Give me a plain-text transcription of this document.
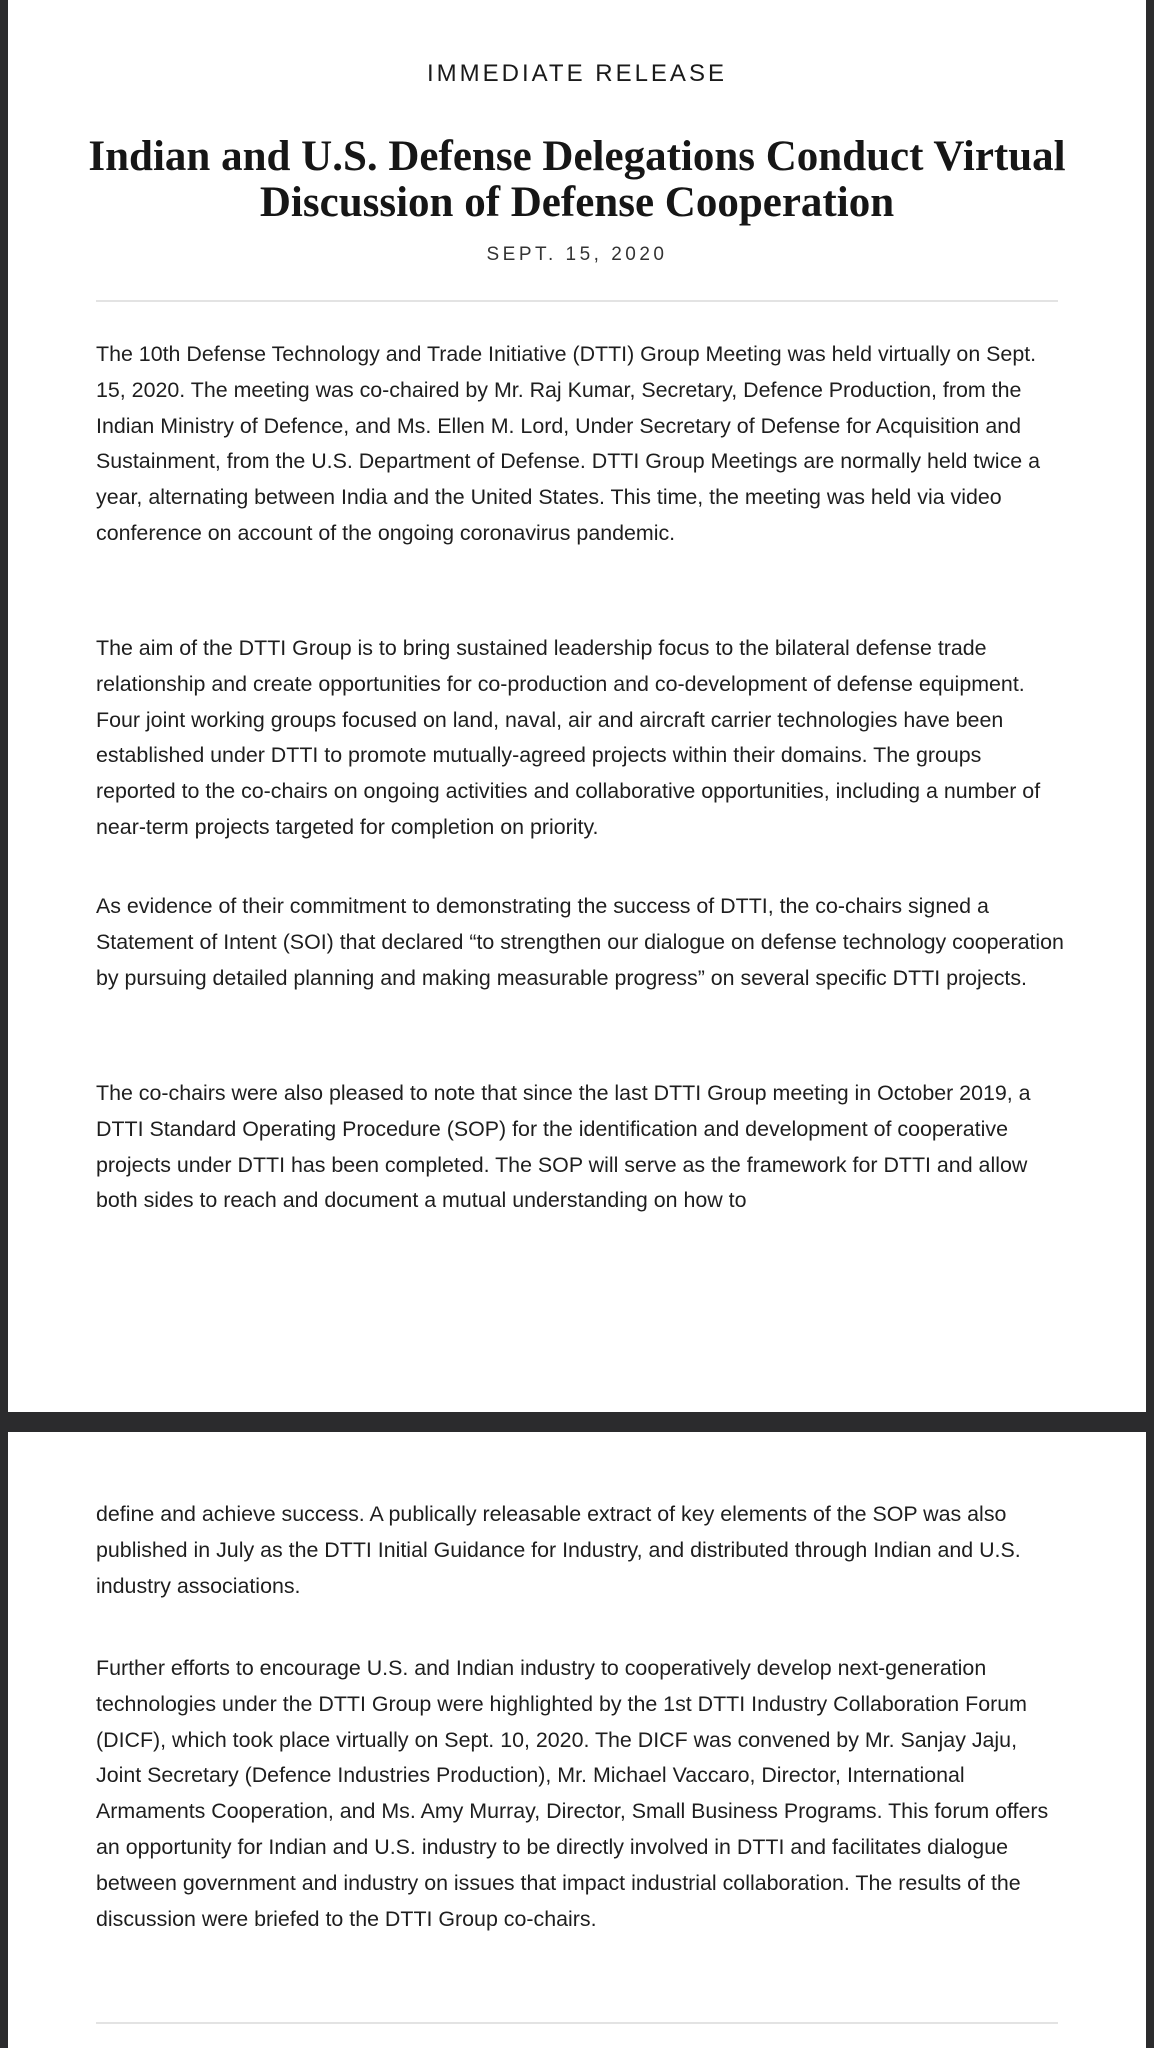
IMMEDIATE RELEASE
Indian and U.S. Defense Delegations Conduct Virtual Discussion of Defense Cooperation
SEPT. 15, 2020

The 10th Defense Technology and Trade Initiative (DTTI) Group Meeting was held virtually on Sept. 15, 2020. The meeting was co-chaired by Mr. Raj Kumar, Secretary, Defence Production, from the Indian Ministry of Defence, and Ms. Ellen M. Lord, Under Secretary of Defense for Acquisition and Sustainment, from the U.S. Department of Defense. DTTI Group Meetings are normally held twice a year, alternating between India and the United States. This time, the meeting was held via video conference on account of the ongoing coronavirus pandemic.

The aim of the DTTI Group is to bring sustained leadership focus to the bilateral defense trade relationship and create opportunities for co-production and co-development of defense equipment. Four joint working groups focused on land, naval, air and aircraft carrier technologies have been established under DTTI to promote mutually-agreed projects within their domains. The groups reported to the co-chairs on ongoing activities and collaborative opportunities, including a number of near-term projects targeted for completion on priority.

As evidence of their commitment to demonstrating the success of DTTI, the co-chairs signed a Statement of Intent (SOI) that declared “to strengthen our dialogue on defense technology cooperation by pursuing detailed planning and making measurable progress” on several specific DTTI projects.

The co-chairs were also pleased to note that since the last DTTI Group meeting in October 2019, a DTTI Standard Operating Procedure (SOP) for the identification and development of cooperative projects under DTTI has been completed. The SOP will serve as the framework for DTTI and allow both sides to reach and document a mutual understanding on how to

define and achieve success. A publically releasable extract of key elements of the SOP was also published in July as the DTTI Initial Guidance for Industry, and distributed through Indian and U.S. industry associations.

Further efforts to encourage U.S. and Indian industry to cooperatively develop next-generation technologies under the DTTI Group were highlighted by the 1st DTTI Industry Collaboration Forum (DICF), which took place virtually on Sept. 10, 2020. The DICF was convened by Mr. Sanjay Jaju, Joint Secretary (Defence Industries Production), Mr. Michael Vaccaro, Director, International Armaments Cooperation, and Ms. Amy Murray, Director, Small Business Programs. This forum offers an opportunity for Indian and U.S. industry to be directly involved in DTTI and facilitates dialogue between government and industry on issues that impact industrial collaboration. The results of the discussion were briefed to the DTTI Group co-chairs.
